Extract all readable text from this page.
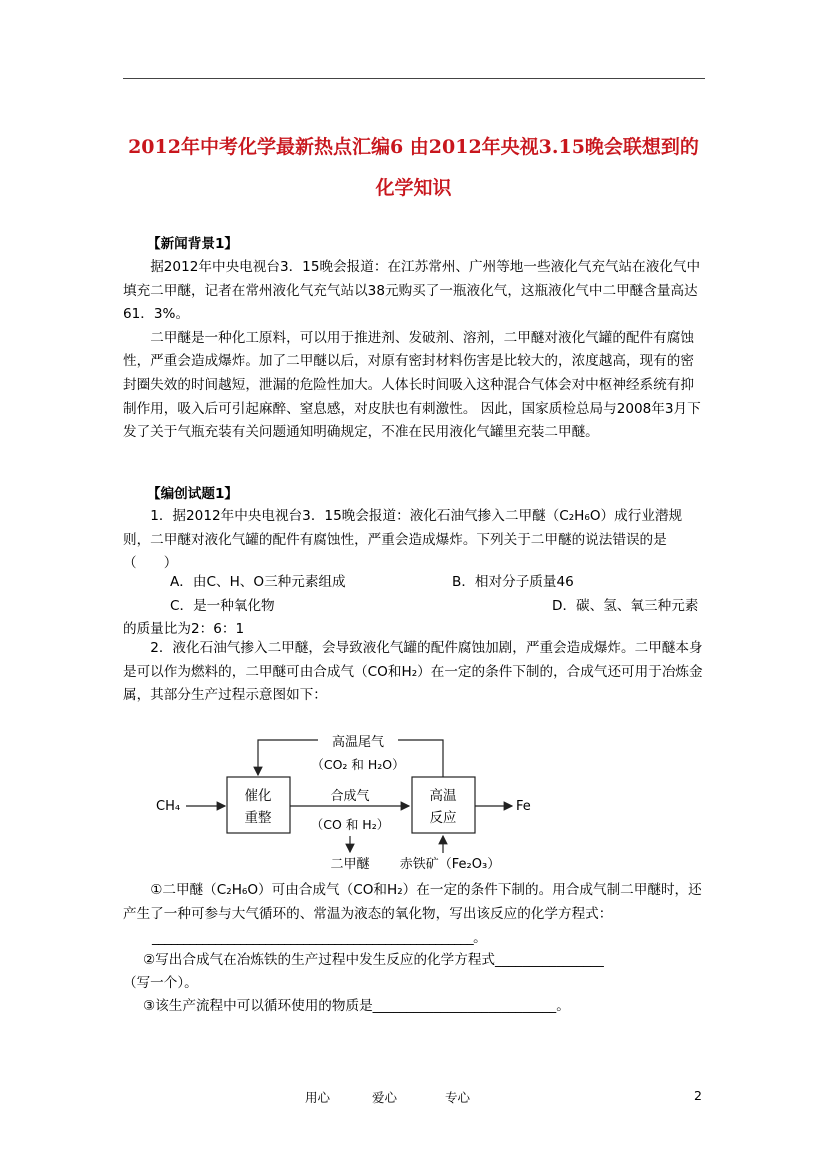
2012年中考化学最新热点汇编6 由2012年央视3.15晚会联想到的
化学知识
【新闻背景1】

据2012年中央电视台3．15晚会报道：在江苏常州、广州等地一些液化气充气站在液化气中填充二甲醚，记者在常州液化气充气站以38元购买了一瓶液化气，这瓶液化气中二甲醚含量高达61．3%。

二甲醚是一种化工原料，可以用于推进剂、发破剂、溶剂，二甲醚对液化气罐的配件有腐蚀性，严重会造成爆炸。加了二甲醚以后，对原有密封材料伤害是比较大的，浓度越高，现有的密封圈失效的时间越短，泄漏的危险性加大。人体长时间吸入这种混合气体会对中枢神经系统有抑制作用，吸入后可引起麻醉、窒息感，对皮肤也有刺激性。 因此，国家质检总局与2008年3月下发了关于气瓶充装有关问题通知明确规定，不准在民用液化气罐里充装二甲醚。

【编创试题1】

1．据2012年中央电视台3．15晚会报道：液化石油气掺入二甲醚（C₂H₆O）成行业潜规则，二甲醚对液化气罐的配件有腐蚀性，严重会造成爆炸。下列关于二甲醚的说法错误的是（　　）

A．由C、H、O三种元素组成	B．相对分子质量46
C．是一种氧化物	D．碳、氢、氧三种元素
的质量比为2：6：1

2．液化石油气掺入二甲醚，会导致液化气罐的配件腐蚀加剧，严重会造成爆炸。二甲醚本身是可以作为燃料的，二甲醚可由合成气（CO和H₂）在一定的条件下制的，合成气还可用于冶炼金属，其部分生产过程示意图如下：

CH₄
催化
重整
合成气
（CO 和 H₂）
高温
反应
Fe
高温尾气
（CO₂ 和 H₂O）
二甲醚 赤铁矿（Fe₂O₃）

①二甲醚（C₂H₆O）可由合成气（CO和H₂）在一定的条件下制的。用合成气制二甲醚时，还产生了一种可参与大气循环的、常温为液态的氧化物，写出该反应的化学方程式：

___________________________________________________。
②写出合成气在冶炼铁的生产过程中发生反应的化学方程式________________
（写一个）。
③该生产流程中可以循环使用的物质是___________________________。
用心	爱心	专心	2
